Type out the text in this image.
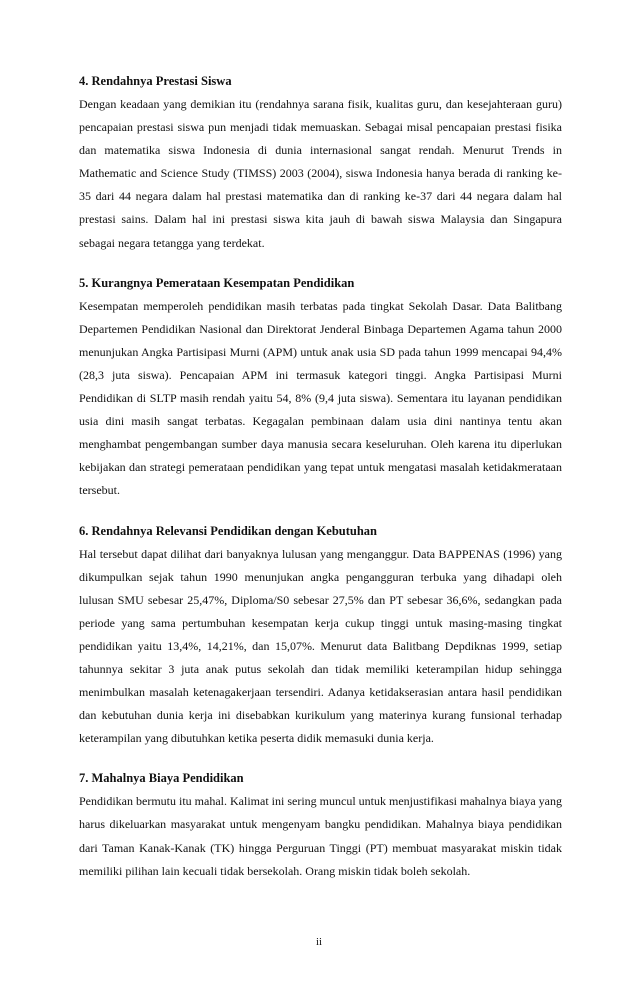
4. Rendahnya Prestasi Siswa

Dengan keadaan yang demikian itu (rendahnya sarana fisik, kualitas guru, dan kesejahteraan guru) pencapaian prestasi siswa pun menjadi tidak memuaskan. Sebagai misal pencapaian prestasi fisika dan matematika siswa Indonesia di dunia internasional sangat rendah. Menurut Trends in Mathematic and Science Study (TIMSS) 2003 (2004), siswa Indonesia hanya berada di ranking ke-35 dari 44 negara dalam hal prestasi matematika dan di ranking ke-37 dari 44 negara dalam hal prestasi sains. Dalam hal ini prestasi siswa kita jauh di bawah siswa Malaysia dan Singapura sebagai negara tetangga yang terdekat.

5. Kurangnya Pemerataan Kesempatan Pendidikan

Kesempatan memperoleh pendidikan masih terbatas pada tingkat Sekolah Dasar. Data Balitbang Departemen Pendidikan Nasional dan Direktorat Jenderal Binbaga Departemen Agama tahun 2000 menunjukan Angka Partisipasi Murni (APM) untuk anak usia SD pada tahun 1999 mencapai 94,4% (28,3 juta siswa). Pencapaian APM ini termasuk kategori tinggi. Angka Partisipasi Murni Pendidikan di SLTP masih rendah yaitu 54, 8% (9,4 juta siswa). Sementara itu layanan pendidikan usia dini masih sangat terbatas. Kegagalan pembinaan dalam usia dini nantinya tentu akan menghambat pengembangan sumber daya manusia secara keseluruhan. Oleh karena itu diperlukan kebijakan dan strategi pemerataan pendidikan yang tepat untuk mengatasi masalah ketidakmerataan tersebut.

6. Rendahnya Relevansi Pendidikan dengan Kebutuhan

Hal tersebut dapat dilihat dari banyaknya lulusan yang menganggur. Data BAPPENAS (1996) yang dikumpulkan sejak tahun 1990 menunjukan angka pengangguran terbuka yang dihadapi oleh lulusan SMU sebesar 25,47%, Diploma/S0 sebesar 27,5% dan PT sebesar 36,6%, sedangkan pada periode yang sama pertumbuhan kesempatan kerja cukup tinggi untuk masing-masing tingkat pendidikan yaitu 13,4%, 14,21%, dan 15,07%. Menurut data Balitbang Depdiknas 1999, setiap tahunnya sekitar 3 juta anak putus sekolah dan tidak memiliki keterampilan hidup sehingga menimbulkan masalah ketenagakerjaan tersendiri. Adanya ketidakserasian antara hasil pendidikan dan kebutuhan dunia kerja ini disebabkan kurikulum yang materinya kurang funsional terhadap keterampilan yang dibutuhkan ketika peserta didik memasuki dunia kerja.

7. Mahalnya Biaya Pendidikan

Pendidikan bermutu itu mahal. Kalimat ini sering muncul untuk menjustifikasi mahalnya biaya yang harus dikeluarkan masyarakat untuk mengenyam bangku pendidikan. Mahalnya biaya pendidikan dari Taman Kanak-Kanak (TK) hingga Perguruan Tinggi (PT) membuat masyarakat miskin tidak memiliki pilihan lain kecuali tidak bersekolah. Orang miskin tidak boleh sekolah.

ii
